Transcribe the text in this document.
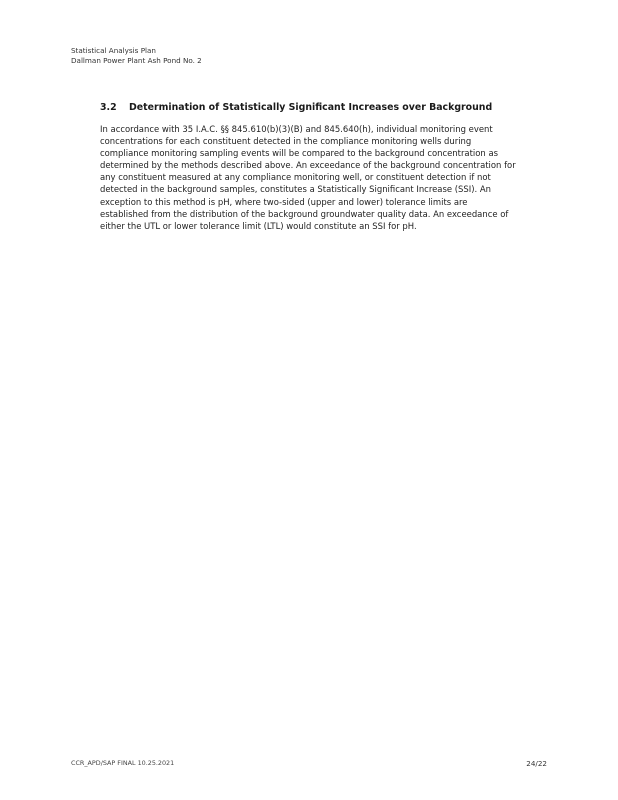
Statistical Analysis Plan
Dallman Power Plant Ash Pond No. 2
3.2 Determination of Statistically Significant Increases over Background

In accordance with 35 I.A.C. §§ 845.610(b)(3)(B) and 845.640(h), individual monitoring event
concentrations for each constituent detected in the compliance monitoring wells during
compliance monitoring sampling events will be compared to the background concentration as
determined by the methods described above. An exceedance of the background concentration for
any constituent measured at any compliance monitoring well, or constituent detection if not
detected in the background samples, constitutes a Statistically Significant Increase (SSI). An
exception to this method is pH, where two-sided (upper and lower) tolerance limits are
established from the distribution of the background groundwater quality data. An exceedance of
either the UTL or lower tolerance limit (LTL) would constitute an SSI for pH.

CCR_APD/SAP FINAL 10.25.2021	24/22
